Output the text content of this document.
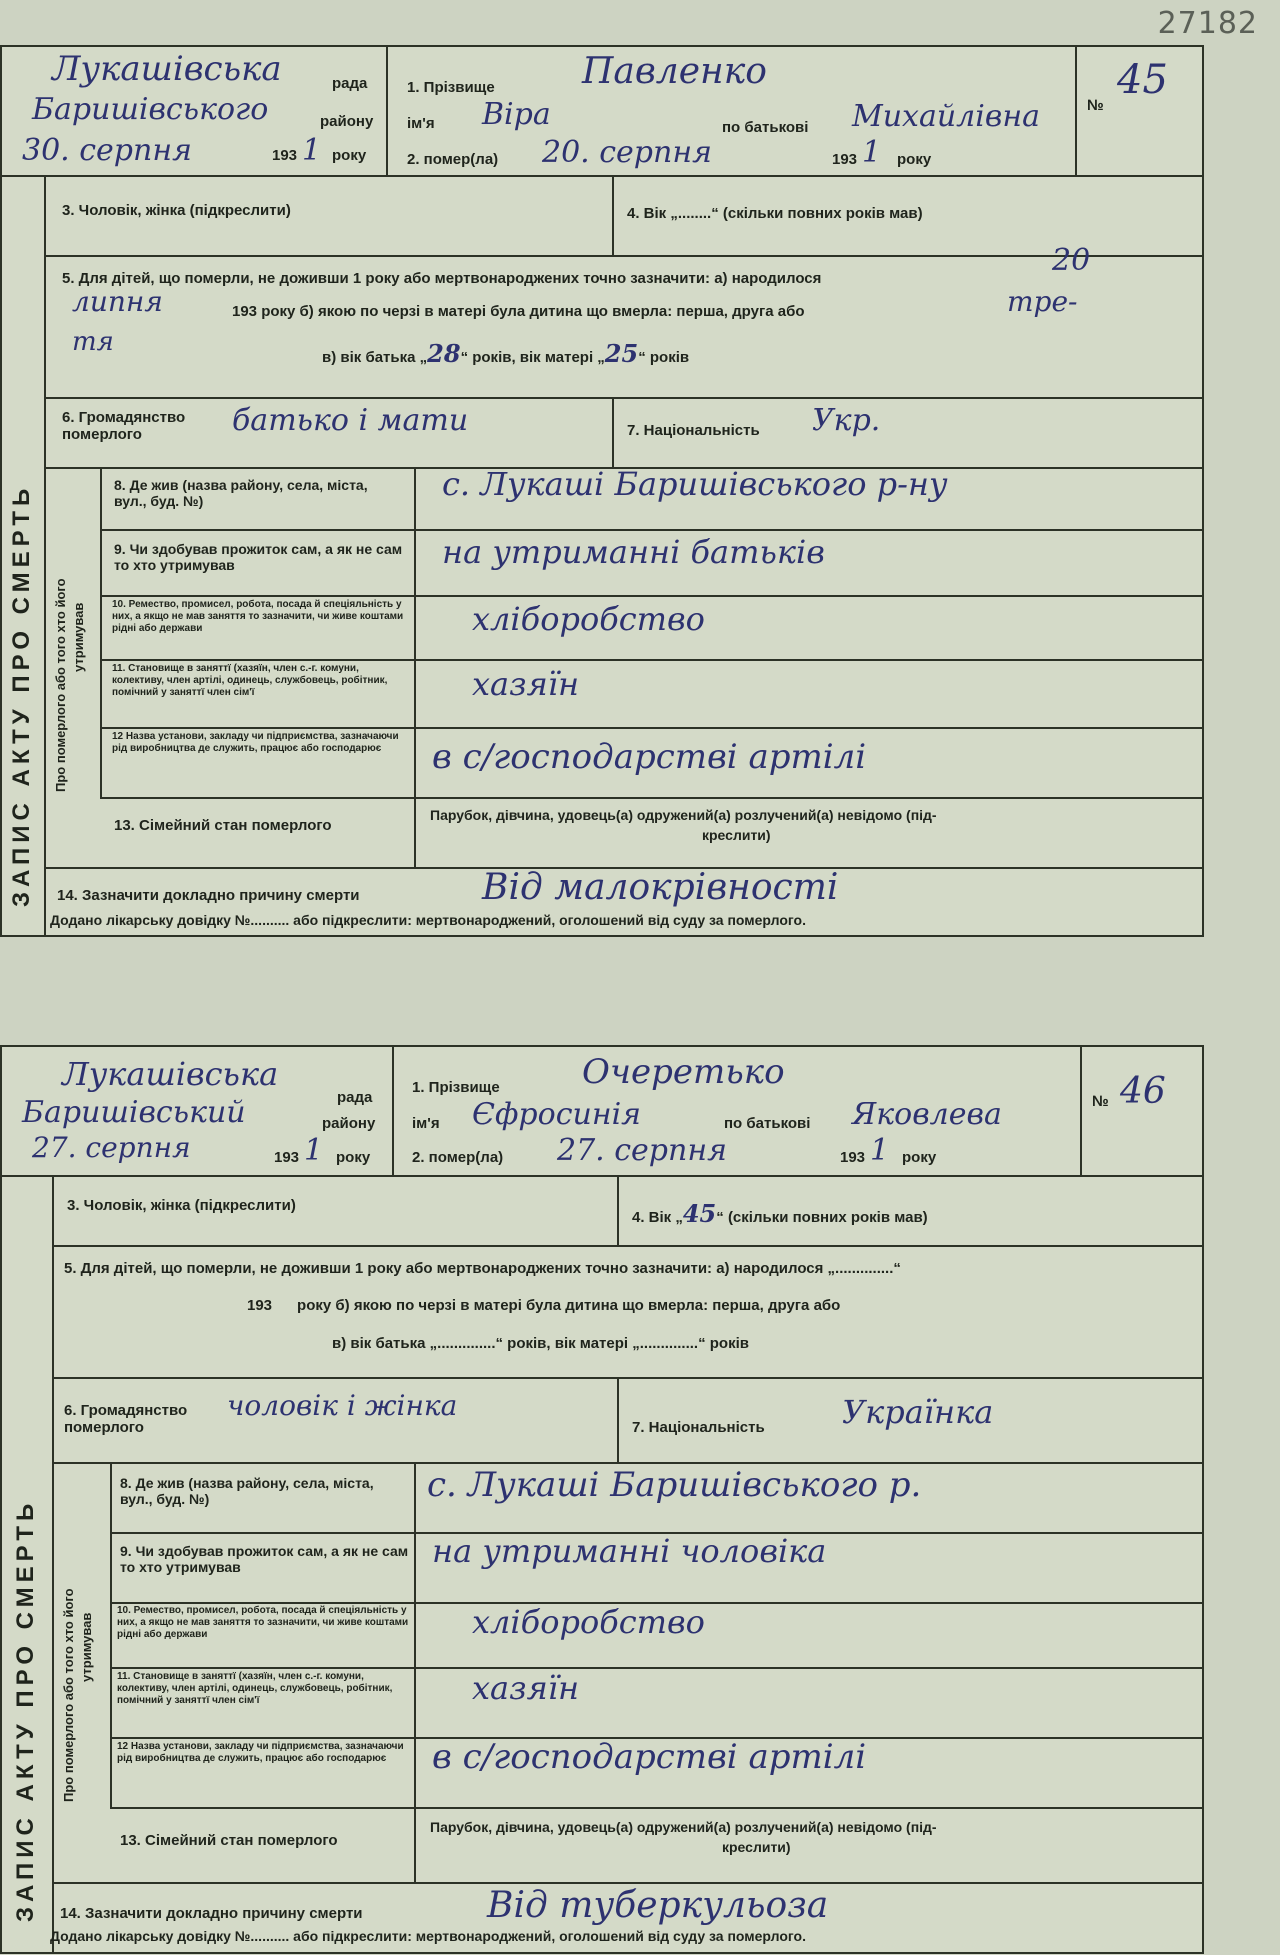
27182
Лукашівська	рада
Баришівського	району
30. серпня	193 1 року
1. Прізвище Павленко
ім'я Віра	по батькові Михайлівна
2. помер(ла) 20. серпня	193 1 року
№
45
ЗАПИС АКТУ ПРО СМЕРТЬ
3. Чоловік, жінка (підкреслити)	4. Вік „........“ (скільки повних років мав)
5. Для дітей, що померли, не доживши 1 року або мертвонароджених точно зазначити: а) народилося
20
липня	193 року б) якою по черзі в матері була дитина що вмерла: перша, друга або	тре-
тя
в) вік батька „28“ років, вік матері „25“ років
6. Громадянство померлого	батько і мати	7. Національність Укр.
Про померлого або того хто його утримував
8. Де жив (назва району, села, міста, вул., буд. №)	с. Лукаші Баришівського р-ну
9. Чи здобував прожиток сам, а як не сам то хто утримував	на утриманні батьків
10. Ремество, промисел, робота, посада й спеціяльність у них, а якщо не мав заняття то зазначити, чи живе коштами рідні або держави	хліборобство
11. Становище в заняттї (хазяїн, член с.-г. комуни, колективу, член артілі, одинець, службовець, робітник, помічний у заняттї член сім'ї	хазяїн
12 Назва установи, закладу чи підприємства, зазначаючи рід виробництва де служить, працює або господарює	в с/господарстві артілі
13. Сімейний стан померлого
Парубок, дівчина, удовець(а) одружений(а) розлучений(а) невідомо (під-
креслити)
14. Зазначити докладно причину смерти	Від малокрівності
Додано лікарську довідку №.......... або підкреслити: мертвонароджений, оголошений від суду за померлого.
Лукашівська
рада
Баришівський	району
27. серпня	193 1 року
1. Прізвище Очеретько
ім'я Єфросинія	по батькові Яковлева
2. помер(ла) 27. серпня	193 1 року
№ 46
ЗАПИС АКТУ ПРО СМЕРТЬ
3. Чоловік, жінка (підкреслити)
4. Вік „45“ (скільки повних років мав)
5. Для дітей, що померли, не доживши 1 року або мертвонароджених точно зазначити: а) народилося „..............“
193 року б) якою по черзі в матері була дитина що вмерла: перша, друга або
в) вік батька „..............“ років, вік матері „..............“ років
6. Громадянство померлого
чоловік і жінка
7. Національність Українка
Про померлого або того хто його утримував
8. Де жив (назва району, села, міста, вул., буд. №)	с. Лукаші Баришівського р.
9. Чи здобував прожиток сам, а як не сам то хто утримував	на утриманні чоловіка
10. Ремество, промисел, робота, посада й спеціяльність у них, а якщо не мав заняття то зазначити, чи живе коштами рідні або держави	хліборобство
11. Становище в заняттї (хазяїн, член с.-г. комуни, колективу, член артілі, одинець, службовець, робітник, помічний у заняттї член сім'ї	хазяїн
12 Назва установи, закладу чи підприємства, зазначаючи рід виробництва де служить, працює або господарює	в с/господарстві артілі
13. Сімейний стан померлого
Парубок, дівчина, удовець(а) одружений(а) розлучений(а) невідомо (під-
креслити)
14. Зазначити докладно причину смерти	Від туберкульоза
Додано лікарську довідку №.......... або підкреслити: мертвонароджений, оголошений від суду за померлого.
